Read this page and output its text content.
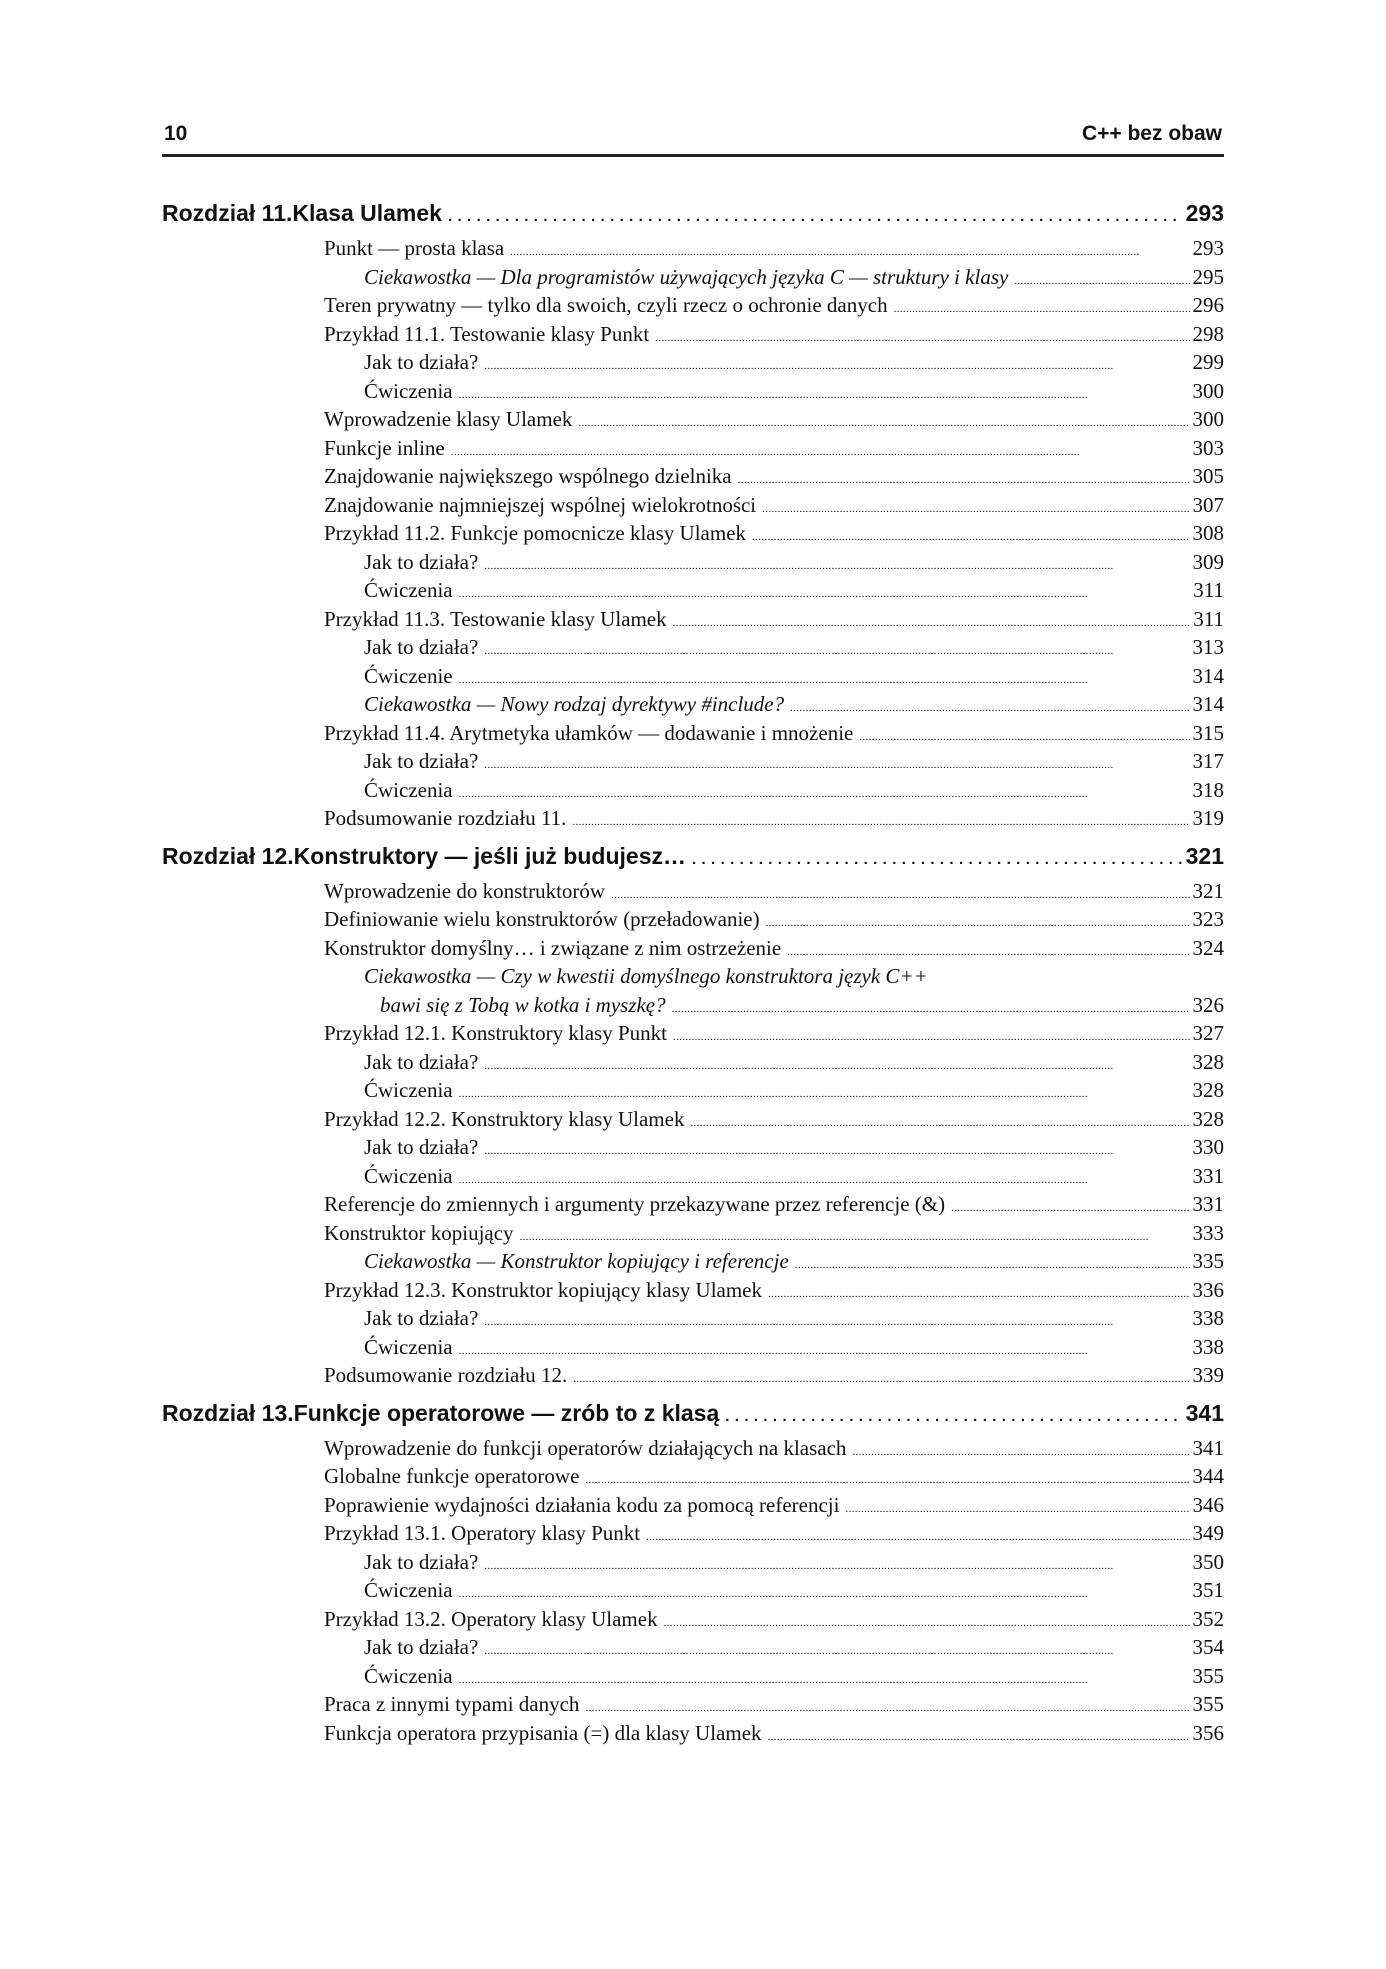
10	C++ bez obaw
Rozdział 11. Klasa Ulamek . . .	293
Punkt — prosta klasa . . .	293
Ciekawostka — Dla programistów używających języka C — struktury i klasy . . .	295
Teren prywatny — tylko dla swoich, czyli rzecz o ochronie danych . . .	296
Przykład 11.1. Testowanie klasy Punkt . . .	298
Jak to działa? . . .	299
Ćwiczenia . . .	300
Wprowadzenie klasy Ulamek . . .	300
Funkcje inline . . .	303
Znajdowanie największego wspólnego dzielnika . . .	305
Znajdowanie najmniejszej wspólnej wielokrotności . . .	307
Przykład 11.2. Funkcje pomocnicze klasy Ulamek . . .	308
Jak to działa? . . .	309
Ćwiczenia . . .	311
Przykład 11.3. Testowanie klasy Ulamek . . .	311
Jak to działa? . . .	313
Ćwiczenie . . .	314
Ciekawostka — Nowy rodzaj dyrektywy #include? . . .	314
Przykład 11.4. Arytmetyka ułamków — dodawanie i mnożenie . . .	315
Jak to działa? . . .	317
Ćwiczenia . . .	318
Podsumowanie rozdziału 11. . . .	319
Rozdział 12. Konstruktory — jeśli już budujesz… . . .	321
Wprowadzenie do konstruktorów . . .	321
Definiowanie wielu konstruktorów (przeładowanie) . . .	323
Konstruktor domyślny… i związane z nim ostrzeżenie . . .	324
Ciekawostka — Czy w kwestii domyślnego konstruktora język C++
bawi się z Tobą w kotka i myszkę? . . .	326
Przykład 12.1. Konstruktory klasy Punkt . . .	327
Jak to działa? . . .	328
Ćwiczenia . . .	328
Przykład 12.2. Konstruktory klasy Ulamek . . .	328
Jak to działa? . . .	330
Ćwiczenia . . .	331
Referencje do zmiennych i argumenty przekazywane przez referencje (&) . . .	331
Konstruktor kopiujący . . .	333
Ciekawostka — Konstruktor kopiujący i referencje . . .	335
Przykład 12.3. Konstruktor kopiujący klasy Ulamek . . .	336
Jak to działa? . . .	338
Ćwiczenia . . .	338
Podsumowanie rozdziału 12. . . .	339
Rozdział 13. Funkcje operatorowe — zrób to z klasą . . .	341
Wprowadzenie do funkcji operatorów działających na klasach . . .	341
Globalne funkcje operatorowe . . .	344
Poprawienie wydajności działania kodu za pomocą referencji . . .	346
Przykład 13.1. Operatory klasy Punkt . . .	349
Jak to działa? . . .	350
Ćwiczenia . . .	351
Przykład 13.2. Operatory klasy Ulamek . . .	352
Jak to działa? . . .	354
Ćwiczenia . . .	355
Praca z innymi typami danych . . .	355
Funkcja operatora przypisania (=) dla klasy Ulamek . . .	356
